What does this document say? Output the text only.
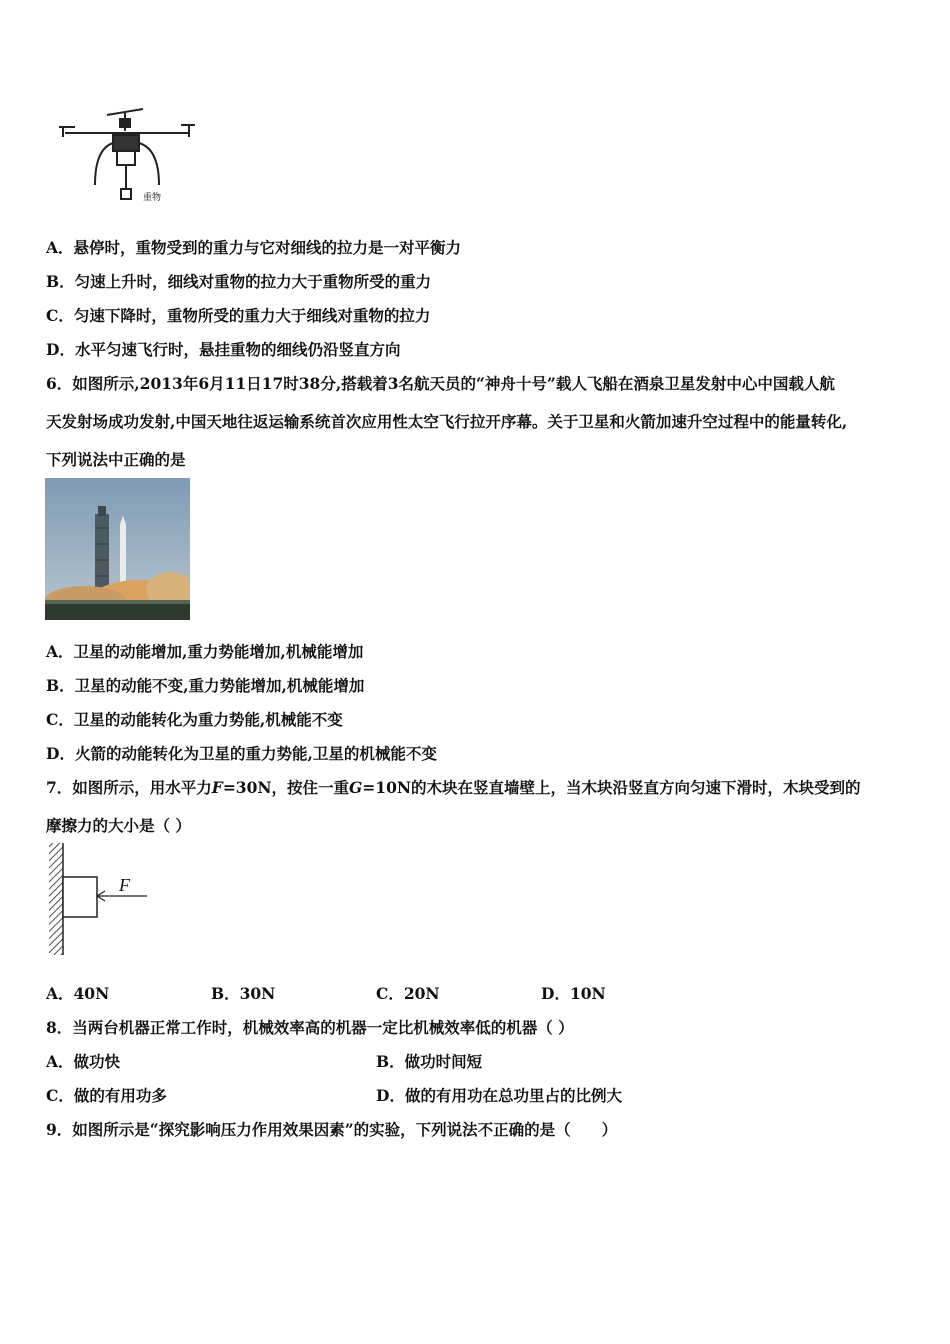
重物
A．悬停时，重物受到的重力与它对细线的拉力是一对平衡力
B．匀速上升时，细线对重物的拉力大于重物所受的重力
C．匀速下降时，重物所受的重力大于细线对重物的拉力
D．水平匀速飞行时，悬挂重物的细线仍沿竖直方向
6．如图所示,2013年6月11日17时38分,搭载着3名航天员的“神舟十号”载人飞船在酒泉卫星发射中心中国载人航
天发射场成功发射,中国天地往返运输系统首次应用性太空飞行拉开序幕。关于卫星和火箭加速升空过程中的能量转化,
下列说法中正确的是
A．卫星的动能增加,重力势能增加,机械能增加
B．卫星的动能不变,重力势能增加,机械能增加
C．卫星的动能转化为重力势能,机械能不变
D．火箭的动能转化为卫星的重力势能,卫星的机械能不变
7．如图所示，用水平力F=30N，按住一重G=10N的木块在竖直墙壁上，当木块沿竖直方向匀速下滑时，木块受到的
摩擦力的大小是（ ）
F
A．40N	B．30N	C．20N	D．10N
8．当两台机器正常工作时，机械效率高的机器一定比机械效率低的机器（ ）
A．做功快	B．做功时间短
C．做的有用功多	D．做的有用功在总功里占的比例大
9．如图所示是“探究影响压力作用效果因素”的实验，下列说法不正确的是（　　）
